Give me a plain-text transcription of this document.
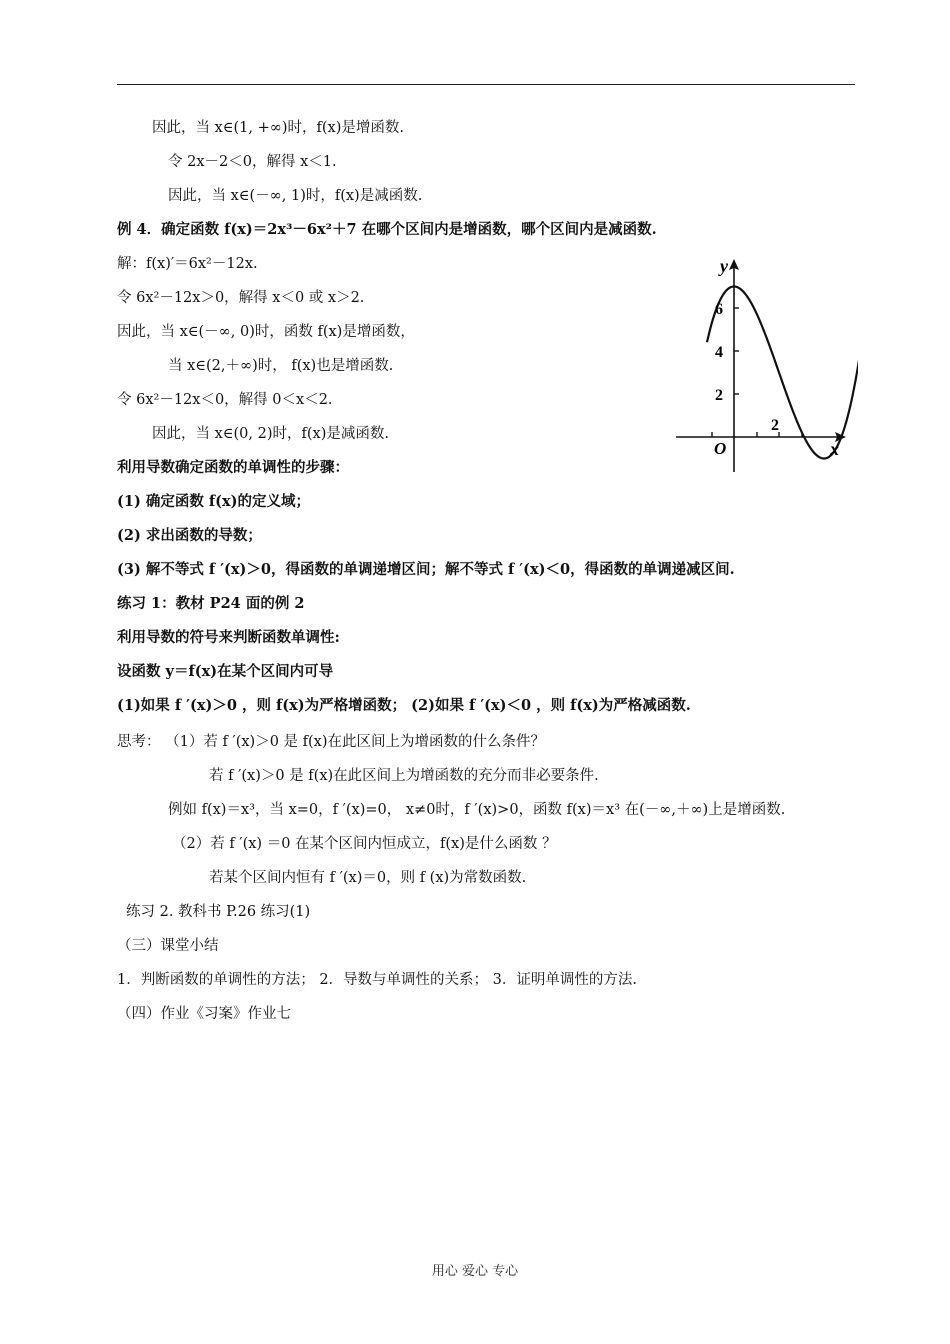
因此，当 x∈(1, +∞)时，f(x)是增函数.
令 2x－2＜0，解得 x＜1.
因此，当 x∈(－∞, 1)时，f(x)是减函数.
例 4．确定函数 f(x)＝2x³－6x²＋7 在哪个区间内是增函数，哪个区间内是减函数.
解：f(x)′＝6x²－12x.
令 6x²－12x＞0，解得 x＜0 或 x＞2.
因此，当 x∈(－∞, 0)时，函数 f(x)是增函数，
当 x∈(2,＋∞)时， f(x)也是增函数.
令 6x²－12x＜0，解得 0＜x＜2.
因此，当 x∈(0, 2)时，f(x)是减函数.
利用导数确定函数的单调性的步骤：
(1) 确定函数 f(x)的定义域；
(2) 求出函数的导数；
(3) 解不等式 f ′(x)＞0，得函数的单调递增区间；解不等式 f ′(x)＜0，得函数的单调递减区间.
练习 1：教材 P24 面的例 2
利用导数的符号来判断函数单调性:
设函数 y＝f(x)在某个区间内可导
(1)如果 f ′(x)＞0 ，则 f(x)为严格增函数； (2)如果 f ′(x)＜0 ，则 f(x)为严格减函数.
思考： （1）若 f ′(x)＞0 是 f(x)在此区间上为增函数的什么条件？
若 f ′(x)＞0 是 f(x)在此区间上为增函数的充分而非必要条件.
例如 f(x)＝x³，当 x=0，f ′(x)=0， x≠0时，f ′(x)>0，函数 f(x)＝x³ 在(－∞,＋∞)上是增函数.
（2）若 f ′(x) ＝0 在某个区间内恒成立，f(x)是什么函数 ？
若某个区间内恒有 f ′(x)＝0，则 f (x)为常数函数.
练习 2. 教科书 P.26 练习(1)
（三）课堂小结
1．判断函数的单调性的方法； 2．导数与单调性的关系； 3．证明单调性的方法.
（四）作业《习案》作业七
y
x
O
6
4
2
2
用心 爱心 专心
